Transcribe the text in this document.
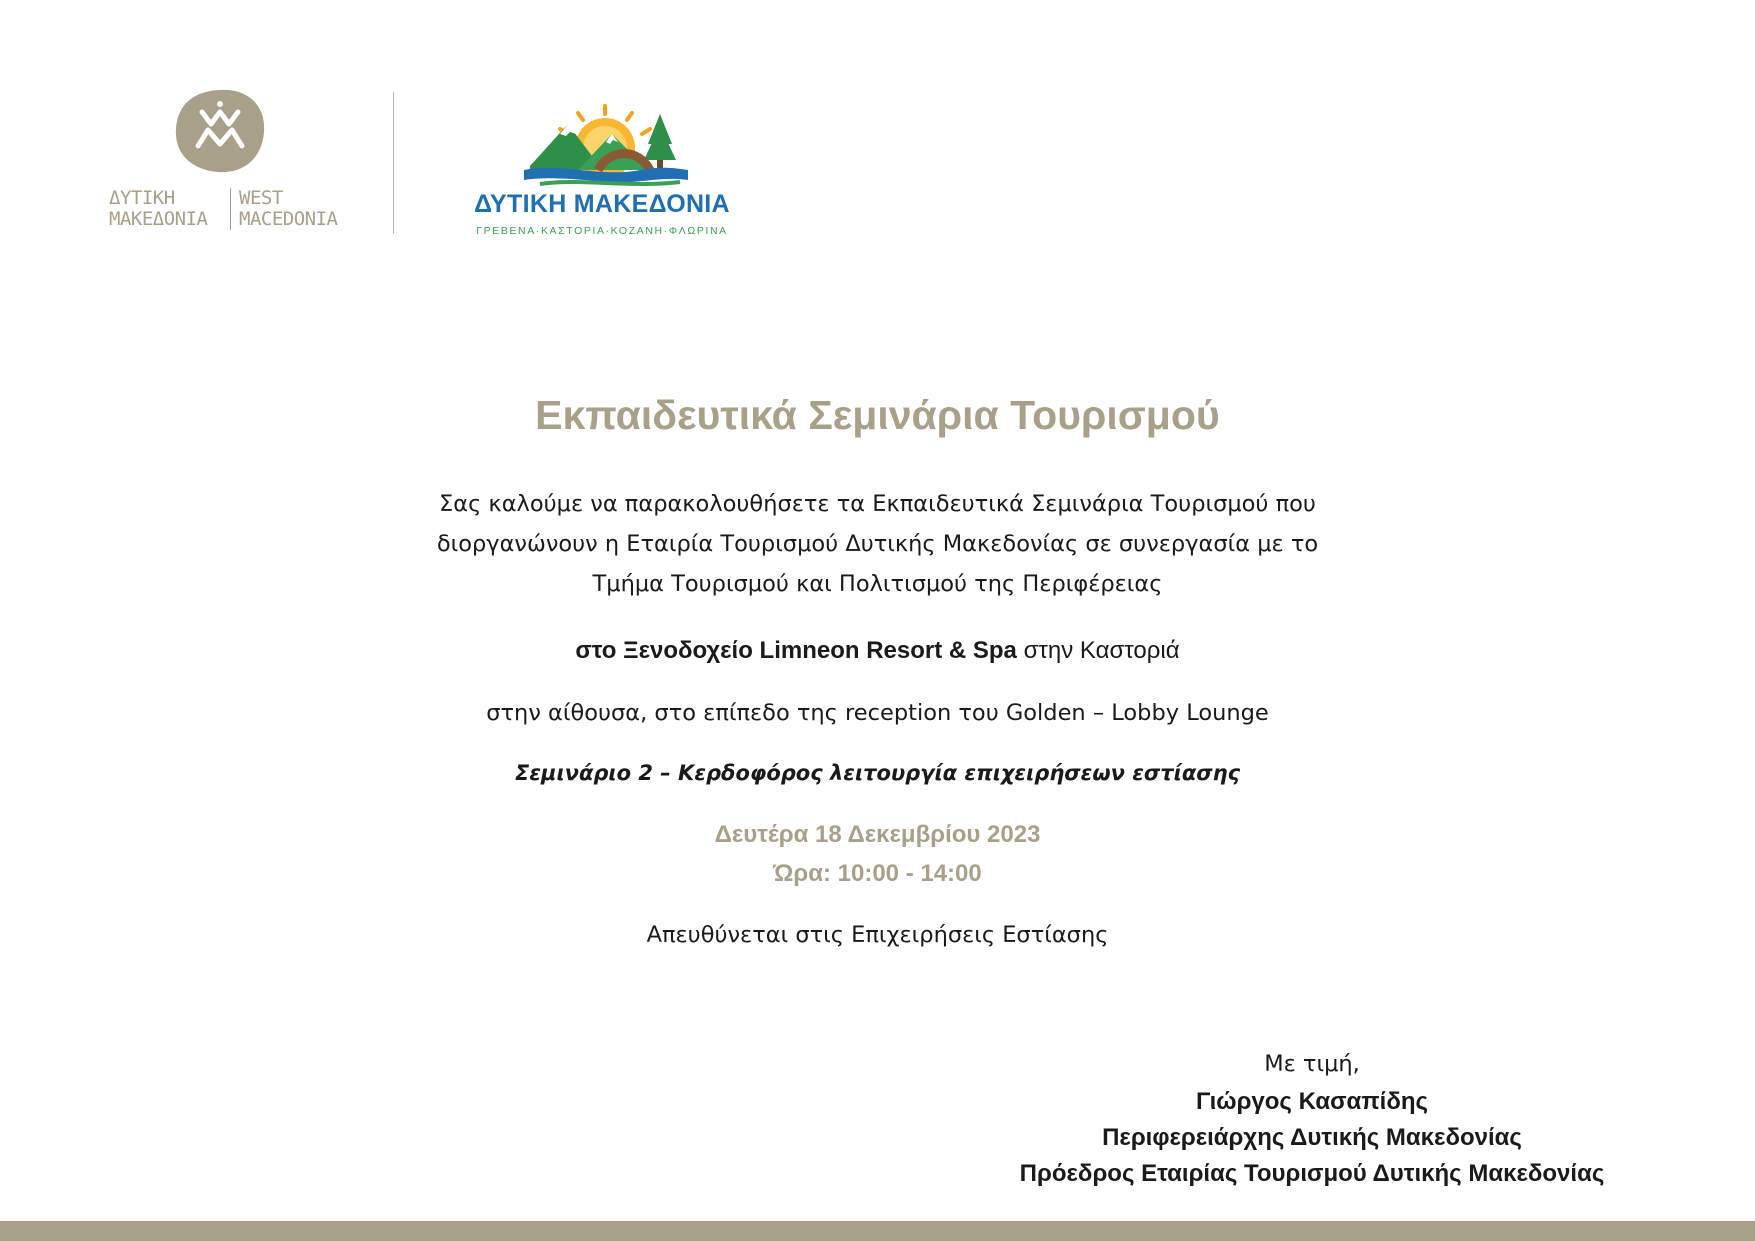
ΔΥΤΙΚΗ
ΜΑΚΕΔΟΝΙΑ
WEST
MACEDONIA
ΔΥΤΙΚΗ ΜΑΚΕΔΟΝΙΑ
ΓΡΕΒΕΝΑ·ΚΑΣΤΟΡΙΑ·ΚΟΖΑΝΗ·ΦΛΩΡΙΝΑ
Εκπαιδευτικά Σεμινάρια Τουρισμού
Σας καλούμε να παρακολουθήσετε τα Εκπαιδευτικά Σεμινάρια Τουρισμού που
διοργανώνουν η Εταιρία Τουρισμού Δυτικής Μακεδονίας σε συνεργασία με το
Τμήμα Τουρισμού και Πολιτισμού της Περιφέρειας
στο Ξενοδοχείο Limneon Resort & Spa στην Καστοριά
στην αίθουσα, στο επίπεδο της reception του Golden – Lobby Lounge
Σεμινάριο 2 – Κερδοφόρος λειτουργία επιχειρήσεων εστίασης
Δευτέρα 18 Δεκεμβρίου 2023
Ώρα: 10:00 - 14:00
Απευθύνεται στις Επιχειρήσεις Εστίασης
Με τιμή,
Γιώργος Κασαπίδης
Περιφερειάρχης Δυτικής Μακεδονίας
Πρόεδρος Εταιρίας Τουρισμού Δυτικής Μακεδονίας
